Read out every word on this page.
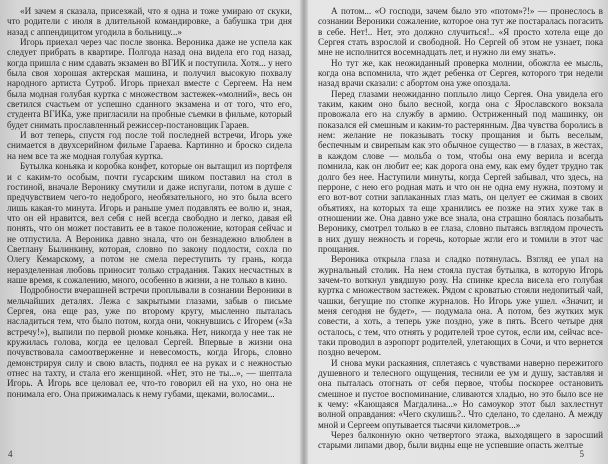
«И зачем я сказала, присезжай, что я одна и тоже умираю от скуки, что родители с июля в длительной командировке, а бабушка три дня назад с аппендицитом угодила в больницу...»

Игорь приехал через час после звонка. Вероника даже не успела как следует прибрать в квартире. Полгода назад она видела его год назад, когда пришла с ним сдавать экзамен во ВГИК и поступила. Хотя... у него была своя хорошая актерская машина, и получил высокую похвалу народного артиста Сутроб. Игорь приехал вместе с Сергеем. На нем была модная голубая куртка с множеством застежек-«молний», весь он светился счастьем от успешно сданного экзамена и от того, что его, студента ВГИКа, уже пригласили на пробные съемки в фильме, который будет снимать прославленный режиссер-постановщик Гараев.

И вот теперь, спустя год после той последней встречи, Игорь уже снимается в двухсерийном фильме Гараева. Картинно и броско сидела на нем все та же модная голубая куртка.

Бутылка коньяка и коробка конфет, которые он вытащил из портфеля и с каким-то особым, почти гусарским шиком поставил на стол в гостиной, вначале Веронику смутили и даже испугали, потом в душе с предчувствием чего-то недоброго, необязательного, но это была всего лишь какая-то минута. Игорь и раньше умел подавлять ее волю и, зная, что он ей нравится, вел себя с ней всегда свободно и легко, давая ей понять, что он может поставить ее в такое положение, которая сейчас и не отпустила. А Вероника давно знала, что он безнадежно влюблен в Светлану Былинкину, которая, словно по закону подлости, сохла по Олегу Кемарскому, а потом не смела переступить ту грань, когда неразделенная любовь приносит только страдания. Таких несчастных в наше время, к сожалению, много, особенно в жизни, а не только в кино.

Подробности вчерашней встречи проплывали в сознании Вероники в мельчайших деталях. Лежа с закрытыми глазами, забыв о письме Сергея, она еще раз, уже по второму кругу, мысленно пыталась насладиться тем, что было потом, когда они, чокнувшись с Игорем («За встречу!»), выпили по первой рюмке коньяка. Нет, никогда у нее так не кружилась голова, когда ее целовал Сергей. Впервые в жизни она почувствовала самоотверженне и невесомость, когда Игорь, словно демонстрируя силу и свою власть, поднял ее на руках и с нежностью отнес на тахту, и стала его женщиной. «Нет, это не ты...», — шептала Игорь. А Игорь все целовал ее, что-то говорил ей на ухо, но она не понимала его. Она прижималась к нему губами, щеками, волосами...

4

А потом... «О господи, зачем было это «потом»?!» — пронеслось в сознании Вероники сожаление, которое она тут же постаралась погасить в себе. Нет!.. Нет, это должно случиться!.. «Я просто хотела еще до Сергея стать взрослой и свободной. Но Сергей об этом не узнает, пока мне не исполнится восемнадцать лет, и нужно ли ему знать».

Но тут же, как неожиданный проверка молнии, обожгла ее мысль, когда она вспомнила, что ждет ребенка от Сергея, которого три недели назад врачи сказали: с абортом она уже опоздала.

Перед глазами неожиданно поплыло лицо Сергея. Она увидела его таким, каким оно было весной, когда она с Ярославского вокзала провожала его на службу в армию. Остриженный под машинку, он показался ей смешным и каким-то растерянным. Два чувства боролись в нем: желание не показывать тоску прощания и быть веселым, беспечным и свирепым как это обычное существо — в глазах, в жестах, в каждом слове — мольба о том, чтобы она ему верила и всегда помнила, как он любит ее; как дорога она ему, как ему будет трудно так долго без нее. Наступили минуты, когда Сергей забывал, что здесь, на перроне, с нею его родная мать и что он не одна ему нужна, поэтому и его вот-вот сотни заплаканных глаз мать, он целует ее сжимая в своих объятиях, на которых та еще хранились ее позже на этих хуже так в отношении же. Она давно уже все знала, она страшно боялась позабыть Веронику, смотрел только в ее глаза, словно пытаясь взглядом прочесть в них душу нежность и горечь, которые жгли его и томили в этот час прощания.

Вероника открыла глаза и сладко потянулась. Взгляд ее упал на журнальный столик. На нем стояла пустая бутылка, в которую Игорь зачем-то воткнул увядшую розу. На спинке кресла висела его голубая куртка с множеством застежек. Рядом с кроватью стояли недопитый чай, чашки, бегущие по стопке журналов. Но Игорь уже ушел. «Значит, и меня сегодня не будет», — подумала она. А потом, без жутких мук совести, а хоть, а теперь уже поздно, уже в пять. Всего четыре дня осталось, с тем, что отнять у родителей трое суток, если им, сейчас все-таки проводил в аэропорт родителей, улетающих в Сочи, и что вернется поздно вечером.

И снова муки раскаяния, сплетаясь с чувствами наверно пережитого душевного и телесного ощущения, теснили ее ум и душу, заставляя и она пыталась отогнать от себя первое, чтобы поскорее остановить смешное и пустое воспоминание, сливаются хладью, но это было все не к чему: «Кающаяся Магдалина...» Но самоукор этот был захлестнут волной оправдания: «Чего скулишь?.. Что сделано, то сделано. А между мной и Сергеем опутывается тысячи километров...»

Через балконную окно четвертого этажа, выходящего в заросший старыми липами двор, были видны еще не успевшие опасть желтые

5
